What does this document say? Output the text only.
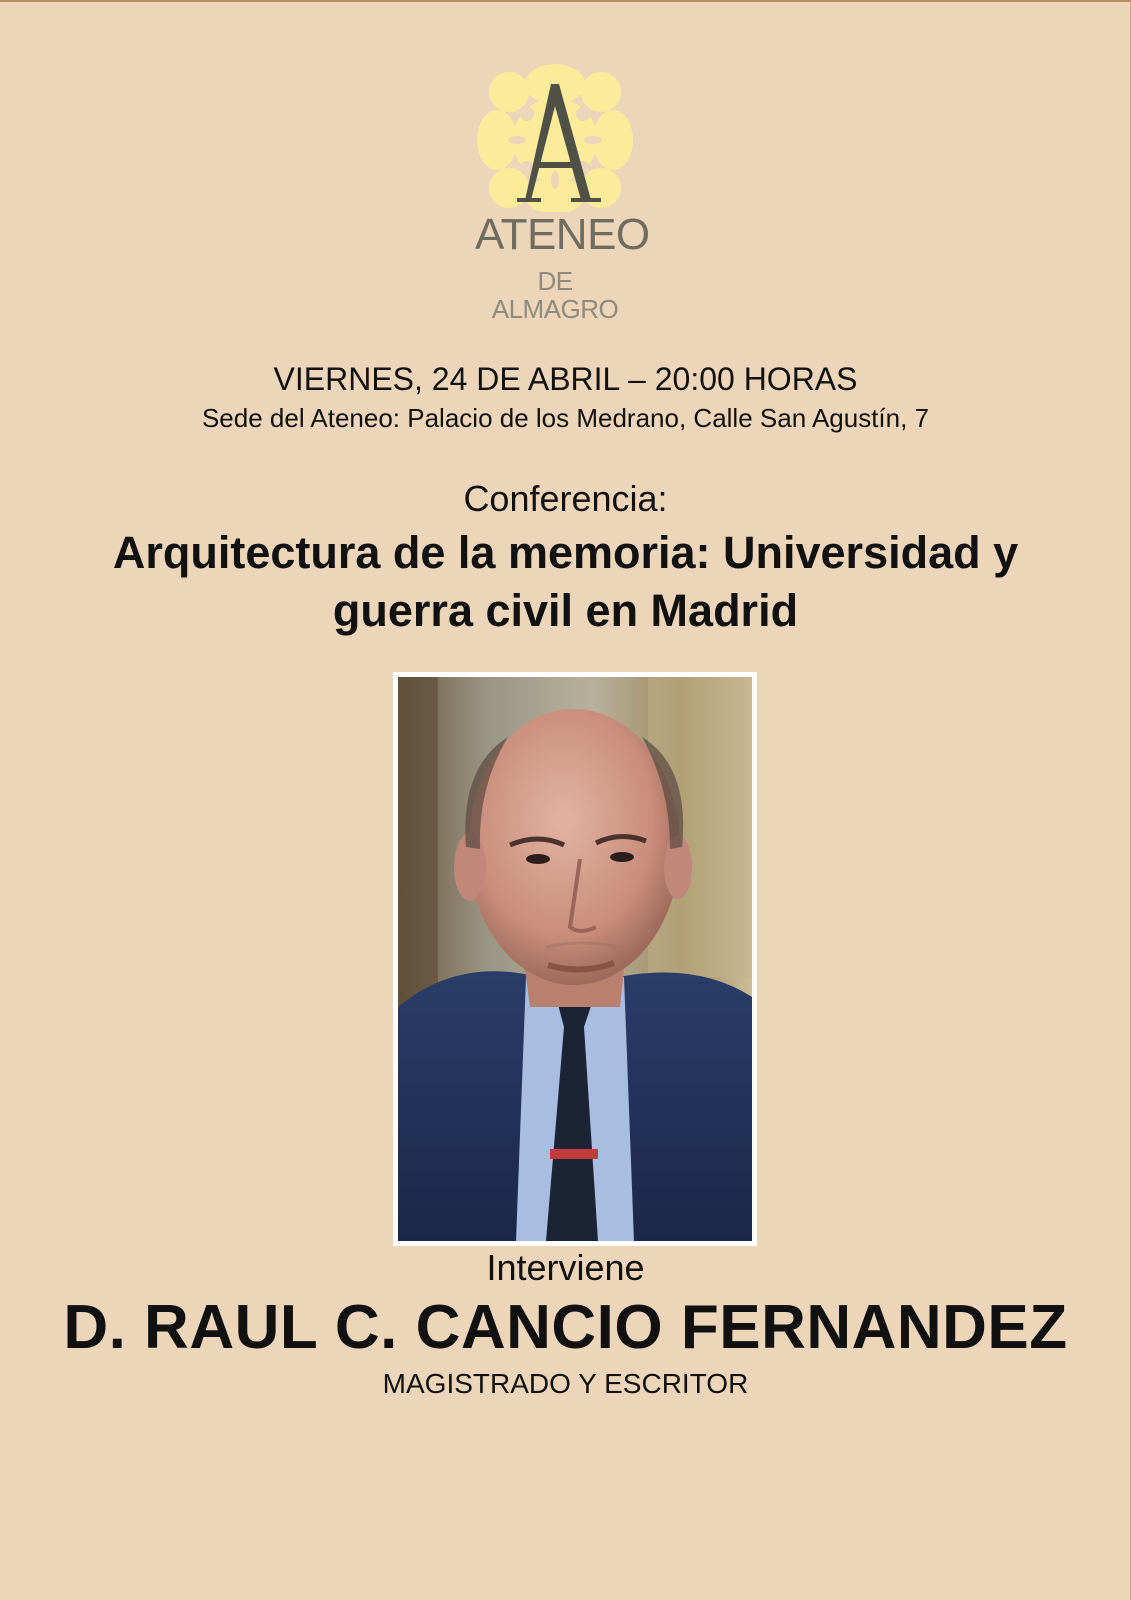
ATENEO
DE ALMAGRO
VIERNES, 24 DE ABRIL – 20:00 HORAS
Sede del Ateneo: Palacio de los Medrano, Calle San Agustín, 7
Conferencia:
Arquitectura de la memoria: Universidad y
guerra civil en Madrid
Interviene
D. RAUL C. CANCIO FERNANDEZ
MAGISTRADO Y ESCRITOR
